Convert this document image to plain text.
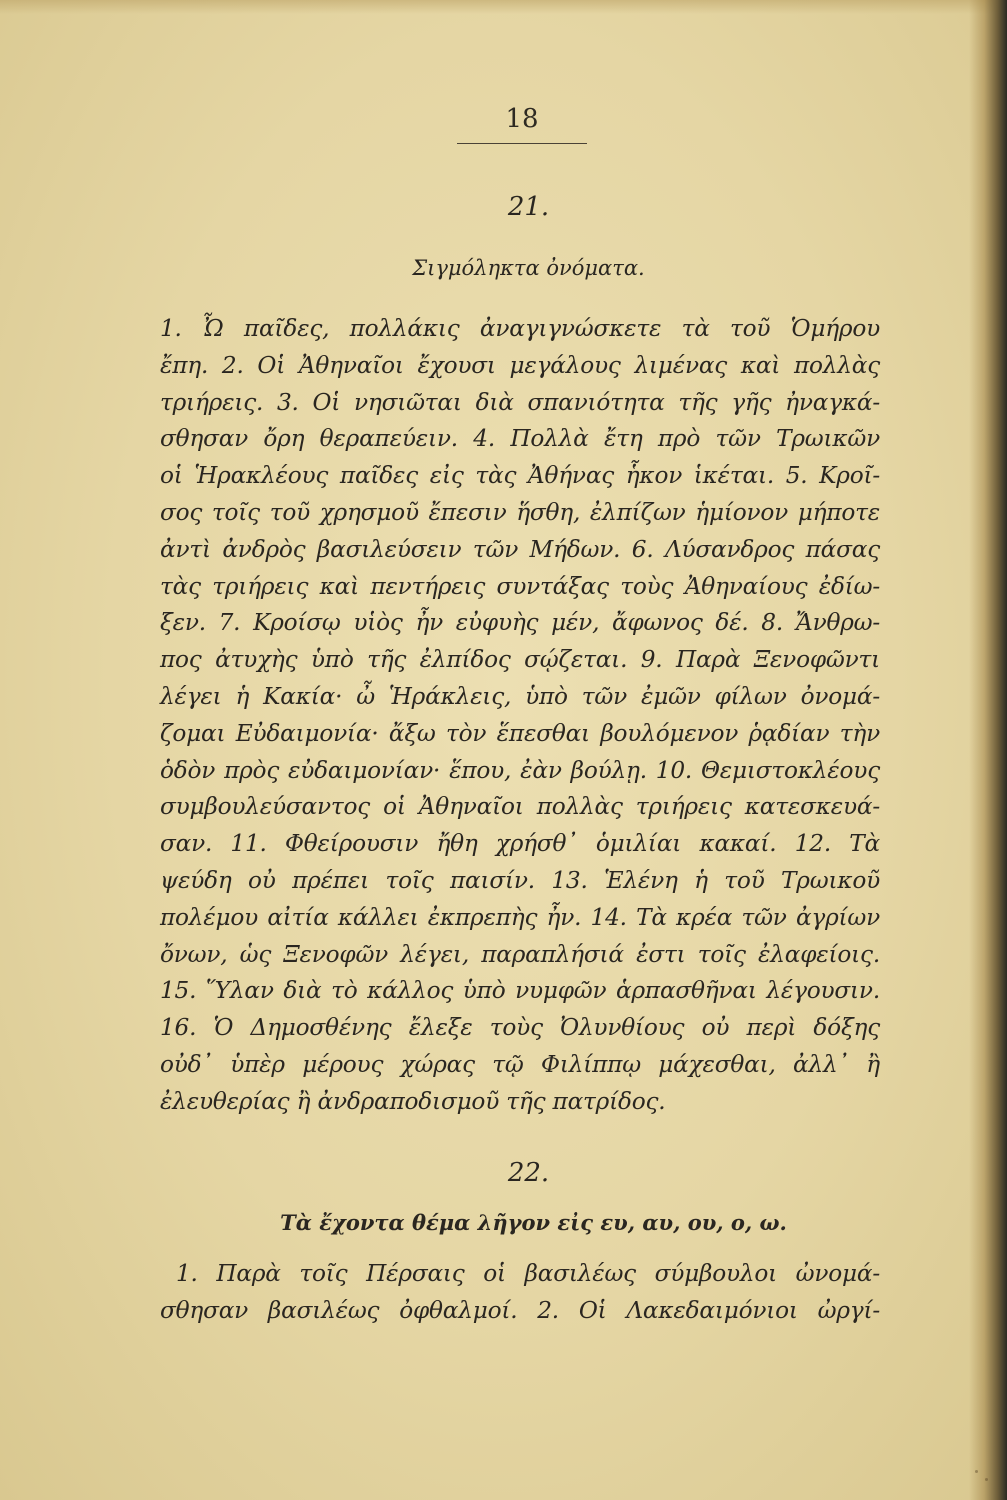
18
21.
Σιγμόληκτα ὀνόματα.
1. Ὦ παῖδες, πολλάκις ἀναγιγνώσκετε τὰ τοῦ Ὁμήρου
ἔπη. 2. Οἱ Ἀθηναῖοι ἔχουσι μεγάλους λιμένας καὶ πολλὰς
τριήρεις. 3. Οἱ νησιῶται διὰ σπανιότητα τῆς γῆς ἠναγκά-
σθησαν ὄρη θεραπεύειν. 4. Πολλὰ ἔτη πρὸ τῶν Τρωικῶν
οἱ Ἡρακλέους παῖδες εἰς τὰς Ἀθήνας ἧκον ἱκέται. 5. Κροῖ-
σος τοῖς τοῦ χρησμοῦ ἔπεσιν ἥσθη, ἐλπίζων ἡμίονον μήποτε
ἀντὶ ἀνδρὸς βασιλεύσειν τῶν Μήδων. 6. Λύσανδρος πάσας
τὰς τριήρεις καὶ πεντήρεις συντάξας τοὺς Ἀθηναίους ἐδίω-
ξεν. 7. Κροίσῳ υἱὸς ἦν εὐφυὴς μέν, ἄφωνος δέ. 8. Ἄνθρω-
πος ἀτυχὴς ὑπὸ τῆς ἐλπίδος σῴζεται. 9. Παρὰ Ξενοφῶντι
λέγει ἡ Κακία· ὦ Ἡράκλεις, ὑπὸ τῶν ἐμῶν φίλων ὀνομά-
ζομαι Εὐδαιμονία· ἄξω τὸν ἕπεσθαι βουλόμενον ῥᾳδίαν τὴν
ὁδὸν πρὸς εὐδαιμονίαν· ἕπου, ἐὰν βούλῃ. 10. Θεμιστοκλέους
συμβουλεύσαντος οἱ Ἀθηναῖοι πολλὰς τριήρεις κατεσκευά-
σαν. 11. Φθείρουσιν ἤθη χρήσθ᾽ ὁμιλίαι κακαί. 12. Τὰ
ψεύδη οὐ πρέπει τοῖς παισίν. 13. Ἑλένη ἡ τοῦ Τρωικοῦ
πολέμου αἰτία κάλλει ἐκπρεπὴς ἦν. 14. Τὰ κρέα τῶν ἀγρίων
ὄνων, ὡς Ξενοφῶν λέγει, παραπλήσιά ἐστι τοῖς ἐλαφείοις.
15. Ὕλαν διὰ τὸ κάλλος ὑπὸ νυμφῶν ἁρπασθῆναι λέγουσιν.
16. Ὁ Δημοσθένης ἔλεξε τοὺς Ὀλυνθίους οὐ περὶ δόξης
οὐδ᾽ ὑπὲρ μέρους χώρας τῷ Φιλίππῳ μάχεσθαι, ἀλλ᾽ ἢ
ἐλευθερίας ἢ ἀνδραποδισμοῦ τῆς πατρίδος.
22.
Τὰ ἔχοντα θέμα λῆγον εἰς ευ, αυ, ου, ο, ω.
1. Παρὰ τοῖς Πέρσαις οἱ βασιλέως σύμβουλοι ὠνομά-
σθησαν βασιλέως ὀφθαλμοί. 2. Οἱ Λακεδαιμόνιοι ὠργί-
